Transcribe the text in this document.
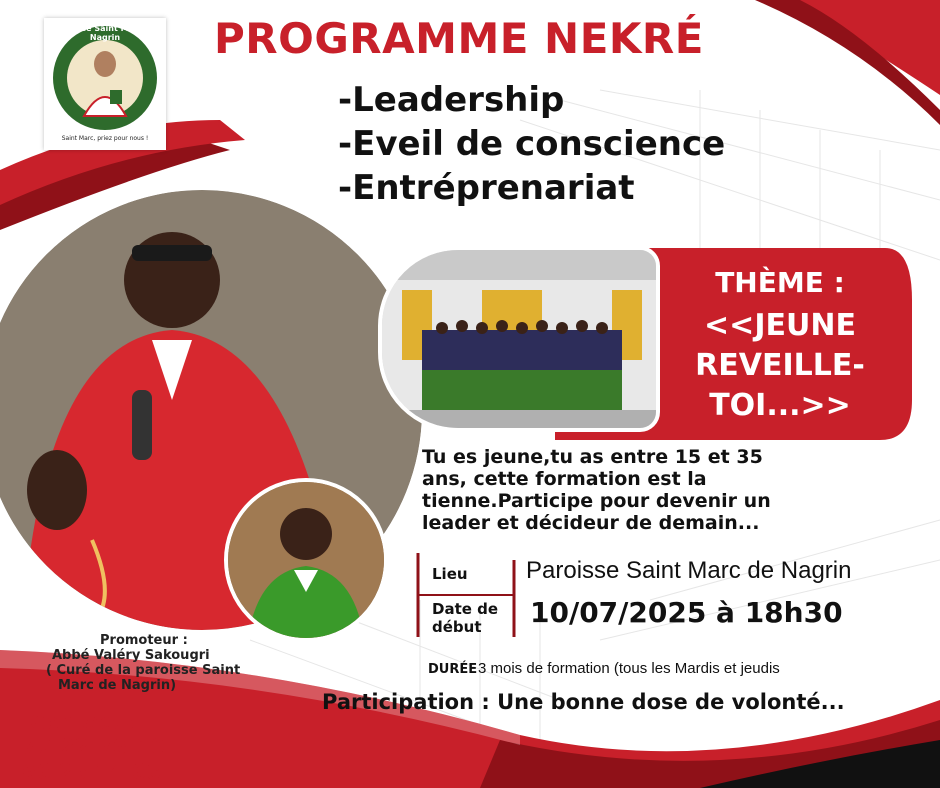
Paroisse Saint Marc de Nagrin
Saint Marc, priez pour nous !
PROGRAMME NEKRÉ
-Leadership
-Eveil de conscience
-Entréprenariat
THÈME :
<<JEUNE
REVEILLE-
TOI...>>
Tu es jeune,tu as entre 15 et 35
ans, cette formation est la
tienne.Participe pour devenir un
leader et décideur de demain...
Lieu Paroisse Saint Marc de Nagrin
Date de
début 10/07/2025 à 18h30
DURÉE 3 mois de formation (tous les Mardis et jeudis
Participation : Une bonne dose de volonté...
Promoteur :
Abbé Valéry Sakougri
( Curé de la paroisse Saint
Marc de Nagrin)
Contacts:
77-22-76-10
66 25 14 68
